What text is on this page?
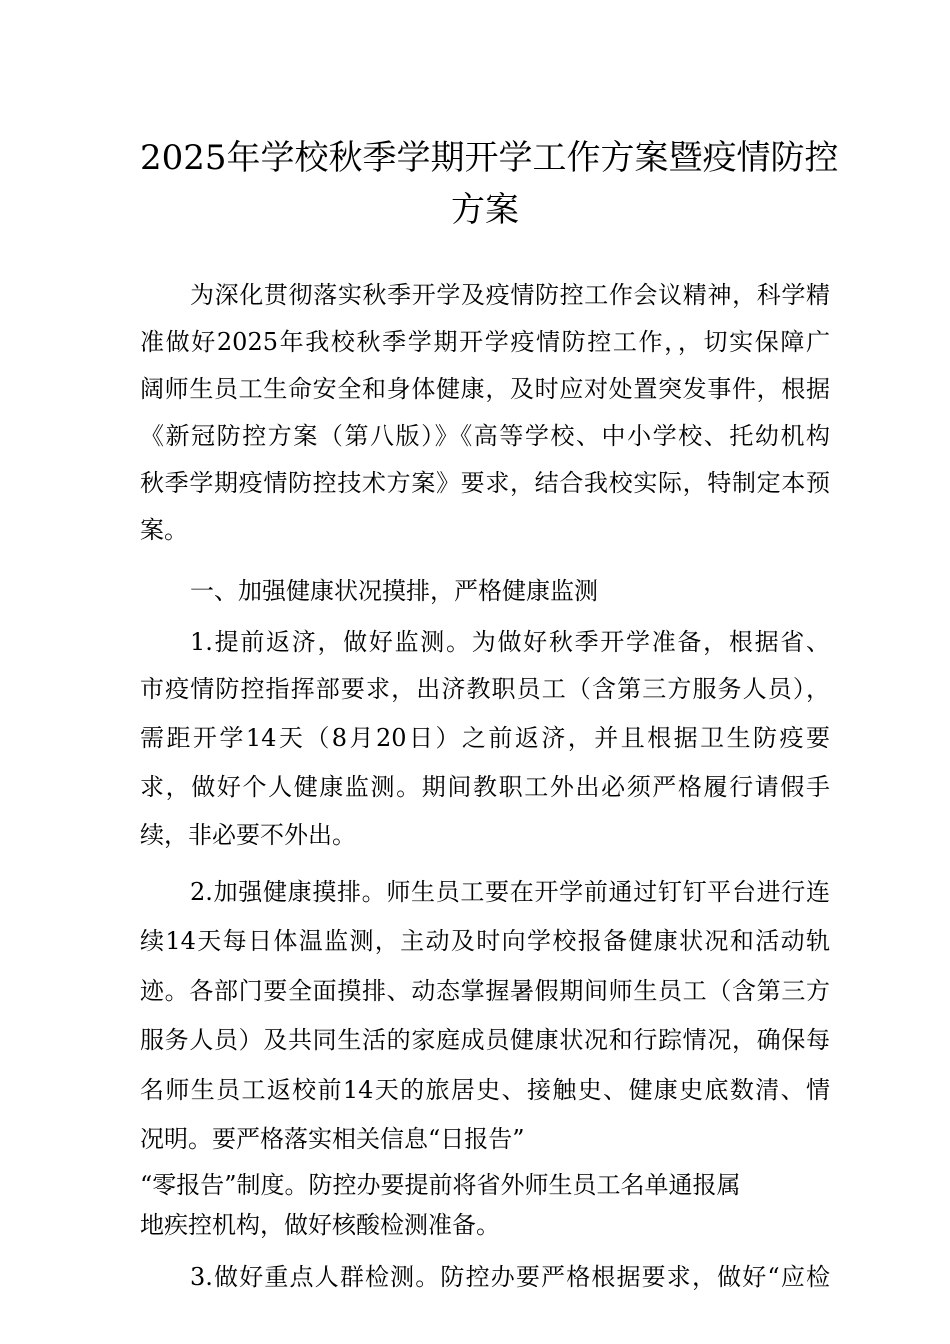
2025年学校秋季学期开学工作方案暨疫情防控
方案
为深化贯彻落实秋季开学及疫情防控工作会议精神，科学精
准做好2025年我校秋季学期开学疫情防控工作，，切实保障广
阔师生员工生命安全和身体健康，及时应对处置突发事件，根据
《新冠防控方案（第八版）》《高等学校、中小学校、托幼机构
秋季学期疫情防控技术方案》要求，结合我校实际，特制定本预
案。
一、加强健康状况摸排，严格健康监测
1.提前返济，做好监测。为做好秋季开学准备，根据省、
市疫情防控指挥部要求，出济教职员工（含第三方服务人员），
需距开学14天（8月20日）之前返济，并且根据卫生防疫要
求，做好个人健康监测。期间教职工外出必须严格履行请假手
续，非必要不外出。
2.加强健康摸排。师生员工要在开学前通过钉钉平台进行连
续14天每日体温监测，主动及时向学校报备健康状况和活动轨
迹。各部门要全面摸排、动态掌握暑假期间师生员工（含第三方
服务人员）及共同生活的家庭成员健康状况和行踪情况，确保每
名师生员工返校前14天的旅居史、接触史、健康史底数清、情
况明。要严格落实相关信息“日报告”
“零报告”制度。防控办要提前将省外师生员工名单通报属
地疾控机构，做好核酸检测准备。
3.做好重点人群检测。防控办要严格根据要求，做好“应检
